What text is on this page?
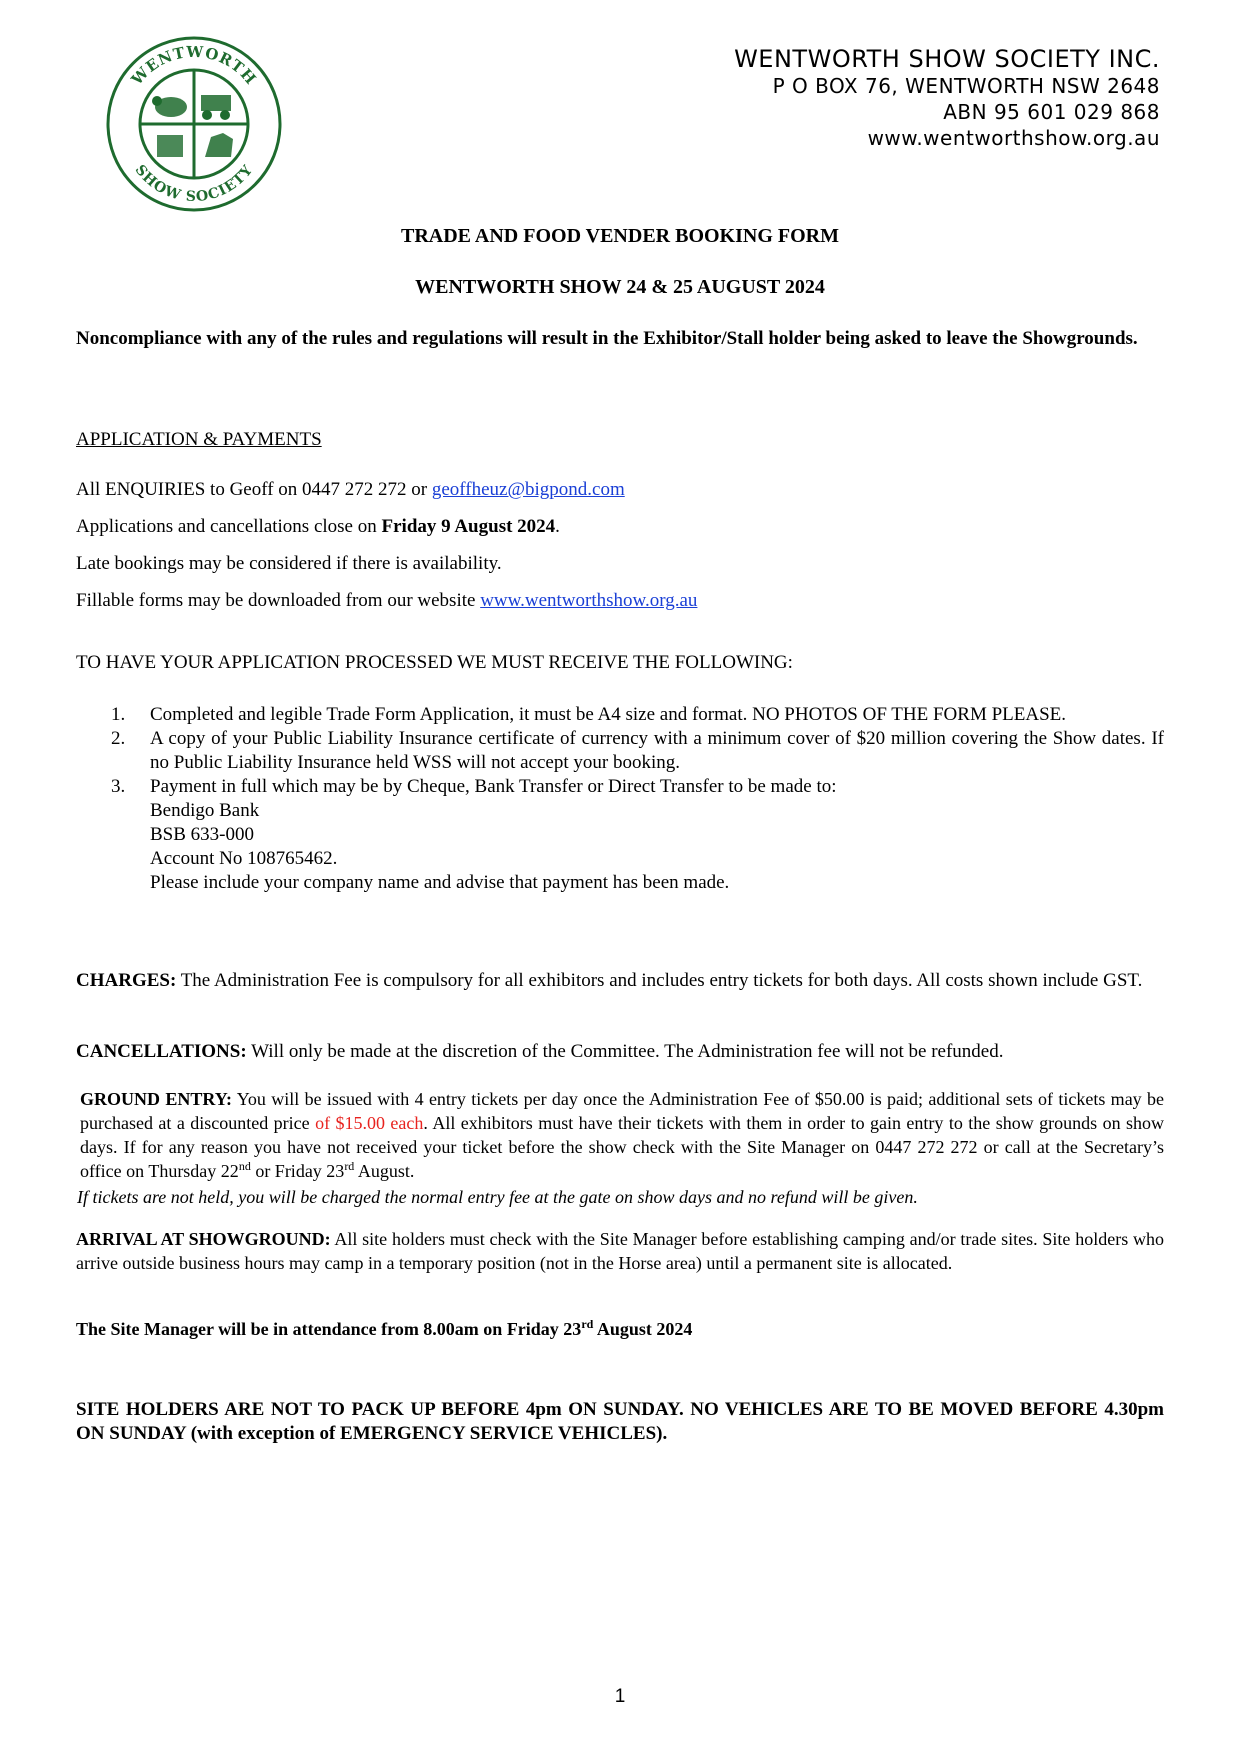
WENTWORTH
SHOW SOCIETY
WENTWORTH SHOW SOCIETY INC.
P O BOX 76, WENTWORTH NSW 2648
ABN 95 601 029 868
www.wentworthshow.org.au
TRADE AND FOOD VENDER BOOKING FORM
WENTWORTH SHOW 24 & 25 AUGUST 2024
Noncompliance with any of the rules and regulations will result in the Exhibitor/Stall holder being asked to leave the Showgrounds.
APPLICATION & PAYMENTS
All ENQUIRIES to Geoff on 0447 272 272 or geoffheuz@bigpond.com
Applications and cancellations close on Friday 9 August 2024.
Late bookings may be considered if there is availability.
Fillable forms may be downloaded from our website www.wentworthshow.org.au
TO HAVE YOUR APPLICATION PROCESSED WE MUST RECEIVE THE FOLLOWING:
1. Completed and legible Trade Form Application, it must be A4 size and format. NO PHOTOS OF THE FORM PLEASE.
2. A copy of your Public Liability Insurance certificate of currency with a minimum cover of $20 million covering the Show dates. If no Public Liability Insurance held WSS will not accept your booking.
3. Payment in full which may be by Cheque, Bank Transfer or Direct Transfer to be made to:
Bendigo Bank
BSB 633-000
Account No 108765462.
Please include your company name and advise that payment has been made.
CHARGES: The Administration Fee is compulsory for all exhibitors and includes entry tickets for both days. All costs shown include GST.
CANCELLATIONS: Will only be made at the discretion of the Committee. The Administration fee will not be refunded.
GROUND ENTRY: You will be issued with 4 entry tickets per day once the Administration Fee of $50.00 is paid; additional sets of tickets may be purchased at a discounted price of $15.00 each. All exhibitors must have their tickets with them in order to gain entry to the show grounds on show days. If for any reason you have not received your ticket before the show check with the Site Manager on 0447 272 272 or call at the Secretary’s office on Thursday 22nd or Friday 23rd August.
If tickets are not held, you will be charged the normal entry fee at the gate on show days and no refund will be given.
ARRIVAL AT SHOWGROUND: All site holders must check with the Site Manager before establishing camping and/or trade sites. Site holders who arrive outside business hours may camp in a temporary position (not in the Horse area) until a permanent site is allocated.
The Site Manager will be in attendance from 8.00am on Friday 23rd August 2024
SITE HOLDERS ARE NOT TO PACK UP BEFORE 4pm ON SUNDAY. NO VEHICLES ARE TO BE MOVED BEFORE 4.30pm ON SUNDAY (with exception of EMERGENCY SERVICE VEHICLES).
1
